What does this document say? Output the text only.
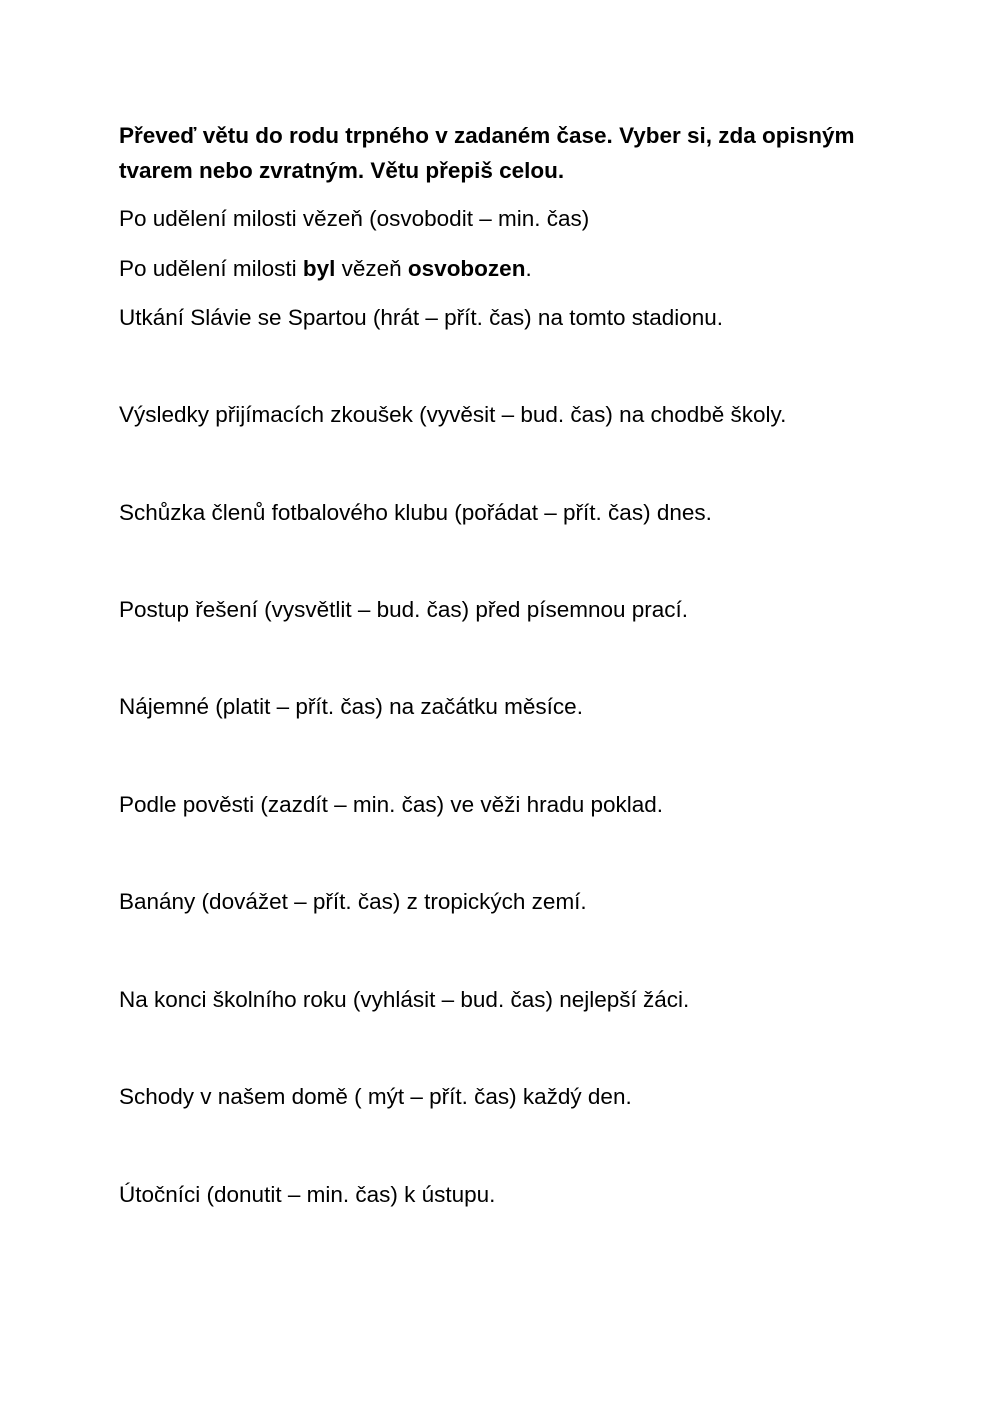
Převeď větu do rodu trpného v zadaném čase. Vyber si, zda opisným tvarem nebo zvratným. Větu přepiš celou.

Po udělení milosti vězeň (osvobodit – min. čas)

Po udělení milosti byl vězeň osvobozen.

Utkání Slávie se Spartou (hrát – přít. čas) na tomto stadionu.

Výsledky přijímacích zkoušek (vyvěsit – bud. čas) na chodbě školy.

Schůzka členů fotbalového klubu (pořádat – přít. čas) dnes.

Postup řešení (vysvětlit – bud. čas) před písemnou prací.

Nájemné (platit – přít. čas) na začátku měsíce.

Podle pověsti (zazdít – min. čas) ve věži hradu poklad.

Banány (dovážet – přít. čas) z tropických zemí.

Na konci školního roku (vyhlásit – bud. čas) nejlepší žáci.

Schody v našem domě ( mýt – přít. čas) každý den.

Útočníci (donutit – min. čas) k ústupu.
